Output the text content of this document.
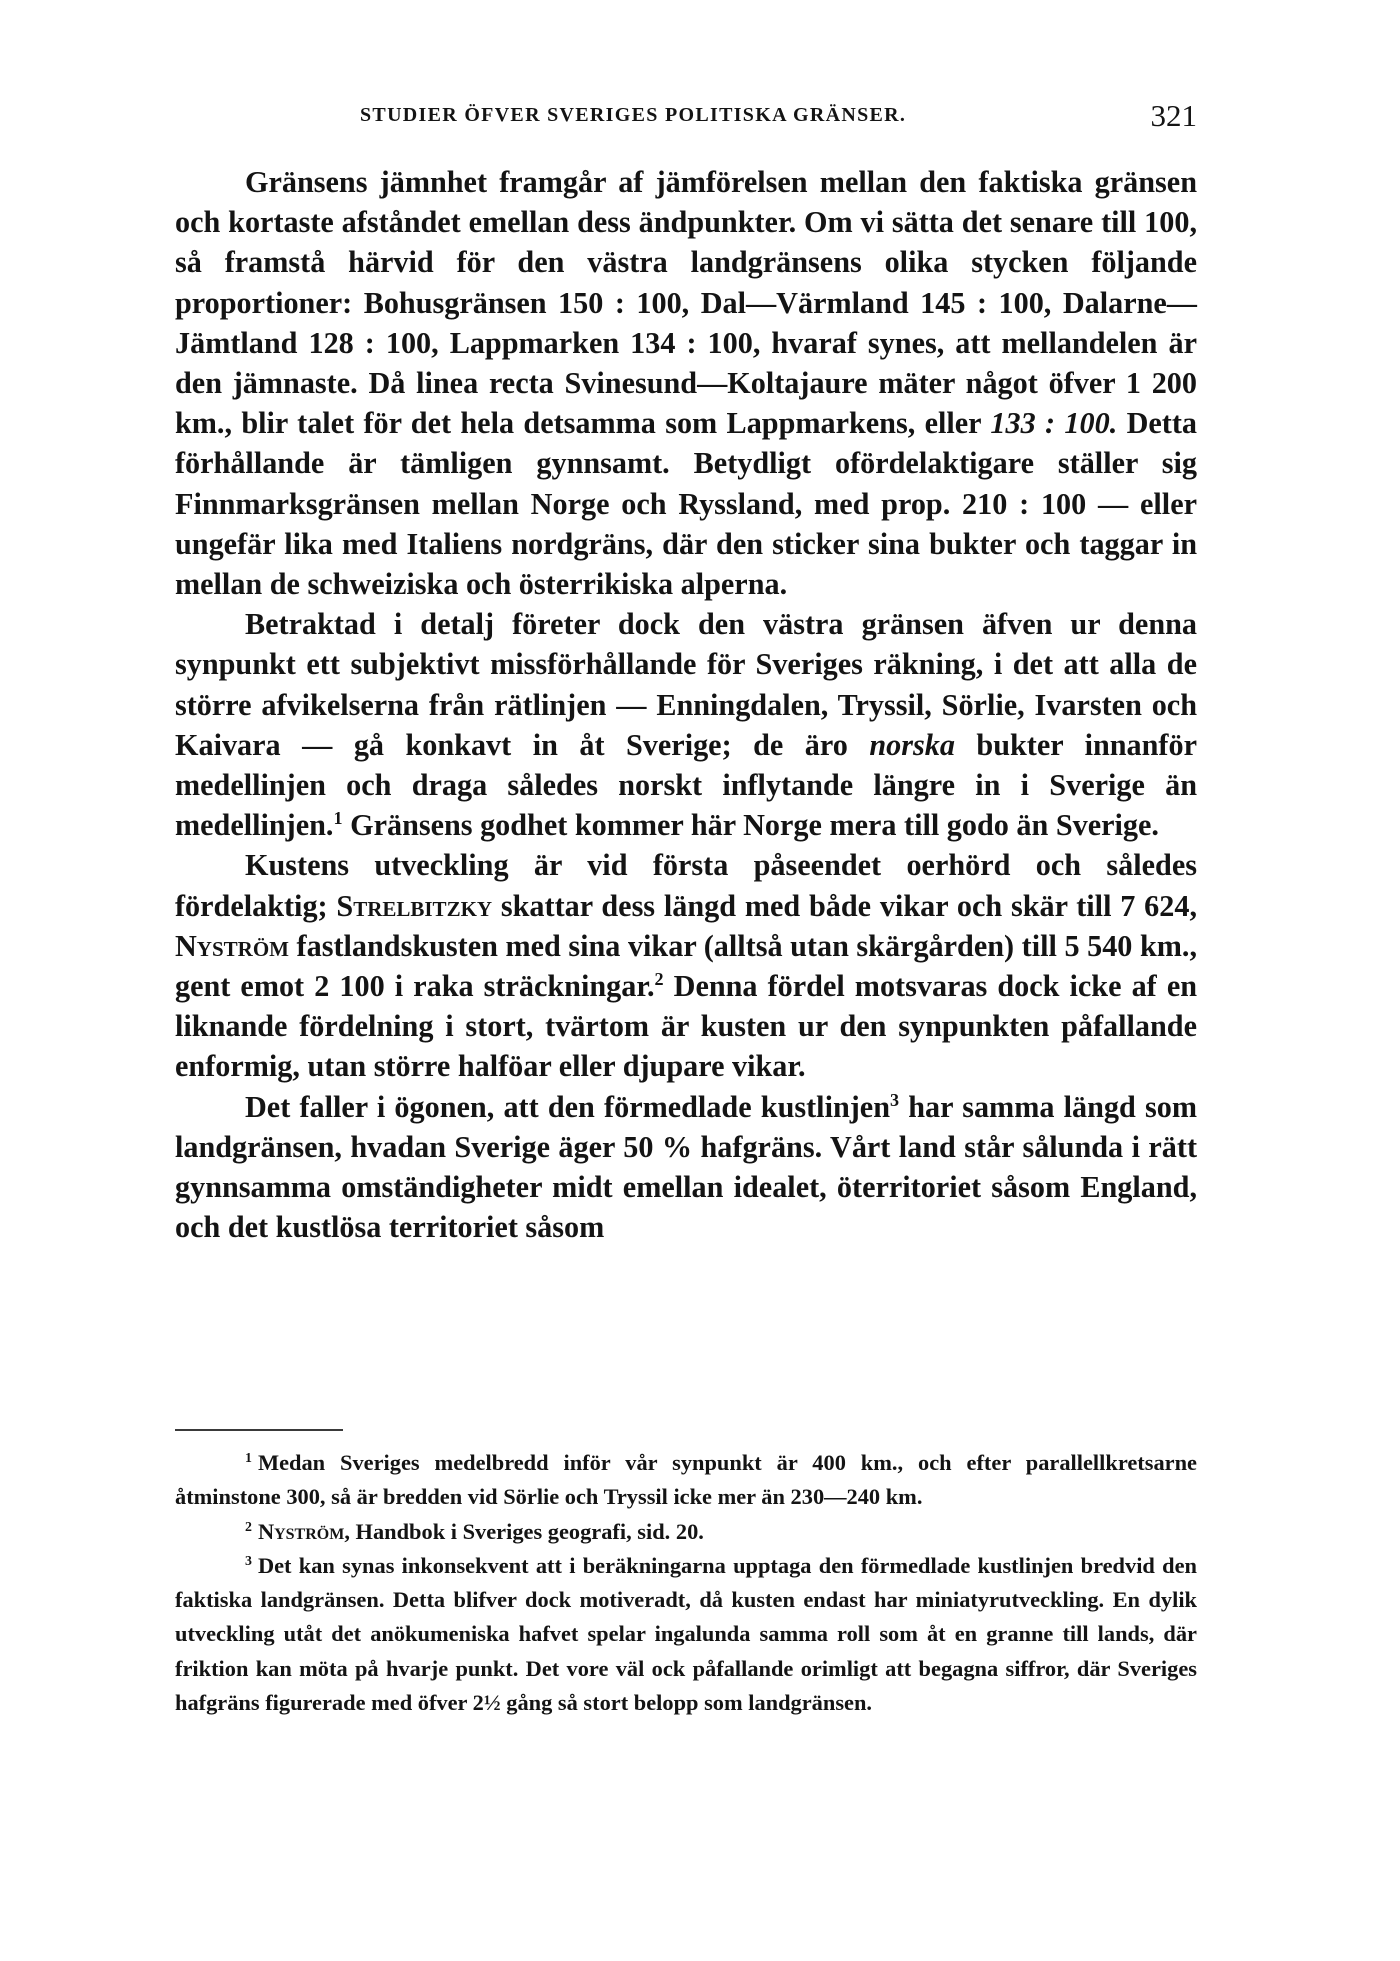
STUDIER ÖFVER SVERIGES POLITISKA GRÄNSER.	321

Gränsens jämnhet framgår af jämförelsen mellan den faktiska gränsen och kortaste afståndet emellan dess ändpunkter. Om vi sätta det senare till 100, så framstå härvid för den västra landgränsens olika stycken följande proportioner: Bohusgränsen 150 : 100, Dal—Värmland 145 : 100, Dalarne—Jämtland 128 : 100, Lappmarken 134 : 100, hvaraf synes, att mellandelen är den jämnaste. Då linea recta Svinesund—Koltajaure mäter något öfver 1 200 km., blir talet för det hela detsamma som Lappmarkens, eller 133 : 100. Detta förhållande är tämligen gynnsamt. Betydligt ofördelaktigare ställer sig Finnmarksgränsen mellan Norge och Ryssland, med prop. 210 : 100 — eller ungefär lika med Italiens nordgräns, där den sticker sina bukter och taggar in mellan de schweiziska och österrikiska alperna.

Betraktad i detalj företer dock den västra gränsen äfven ur denna synpunkt ett subjektivt missförhållande för Sveriges räkning, i det att alla de större afvikelserna från rätlinjen — Enningdalen, Tryssil, Sörlie, Ivarsten och Kaivara — gå konkavt in åt Sverige; de äro norska bukter innanför medellinjen och draga således norskt inflytande längre in i Sverige än medellinjen.$^1$ Gränsens godhet kommer här Norge mera till godo än Sverige.

Kustens utveckling är vid första påseendet oerhörd och således fördelaktig; Strelbitzky skattar dess längd med både vikar och skär till 7 624, Nyström fastlandskusten med sina vikar (alltså utan skärgården) till 5 540 km., gent emot 2 100 i raka sträckningar.$^2$ Denna fördel motsvaras dock icke af en liknande fördelning i stort, tvärtom är kusten ur den synpunkten påfallande enformig, utan större halföar eller djupare vikar.

Det faller i ögonen, att den förmedlade kustlinjen$^3$ har samma längd som landgränsen, hvadan Sverige äger 50 % hafgräns. Vårt land står sålunda i rätt gynnsamma omständigheter midt emellan idealet, öterritoriet såsom England, och det kustlösa territoriet såsom

$^1$ Medan Sveriges medelbredd inför vår synpunkt är 400 km., och efter parallellkretsarne åtminstone 300, så är bredden vid Sörlie och Tryssil icke mer än 230—240 km.

$^2$ Nyström, Handbok i Sveriges geografi, sid. 20.

$^3$ Det kan synas inkonsekvent att i beräkningarna upptaga den förmedlade kustlinjen bredvid den faktiska landgränsen. Detta blifver dock motiveradt, då kusten endast har miniatyrutveckling. En dylik utveckling utåt det anökumeniska hafvet spelar ingalunda samma roll som åt en granne till lands, där friktion kan möta på hvarje punkt. Det vore väl ock påfallande orimligt att begagna siffror, där Sveriges hafgräns figurerade med öfver 2½ gång så stort belopp som landgränsen.
